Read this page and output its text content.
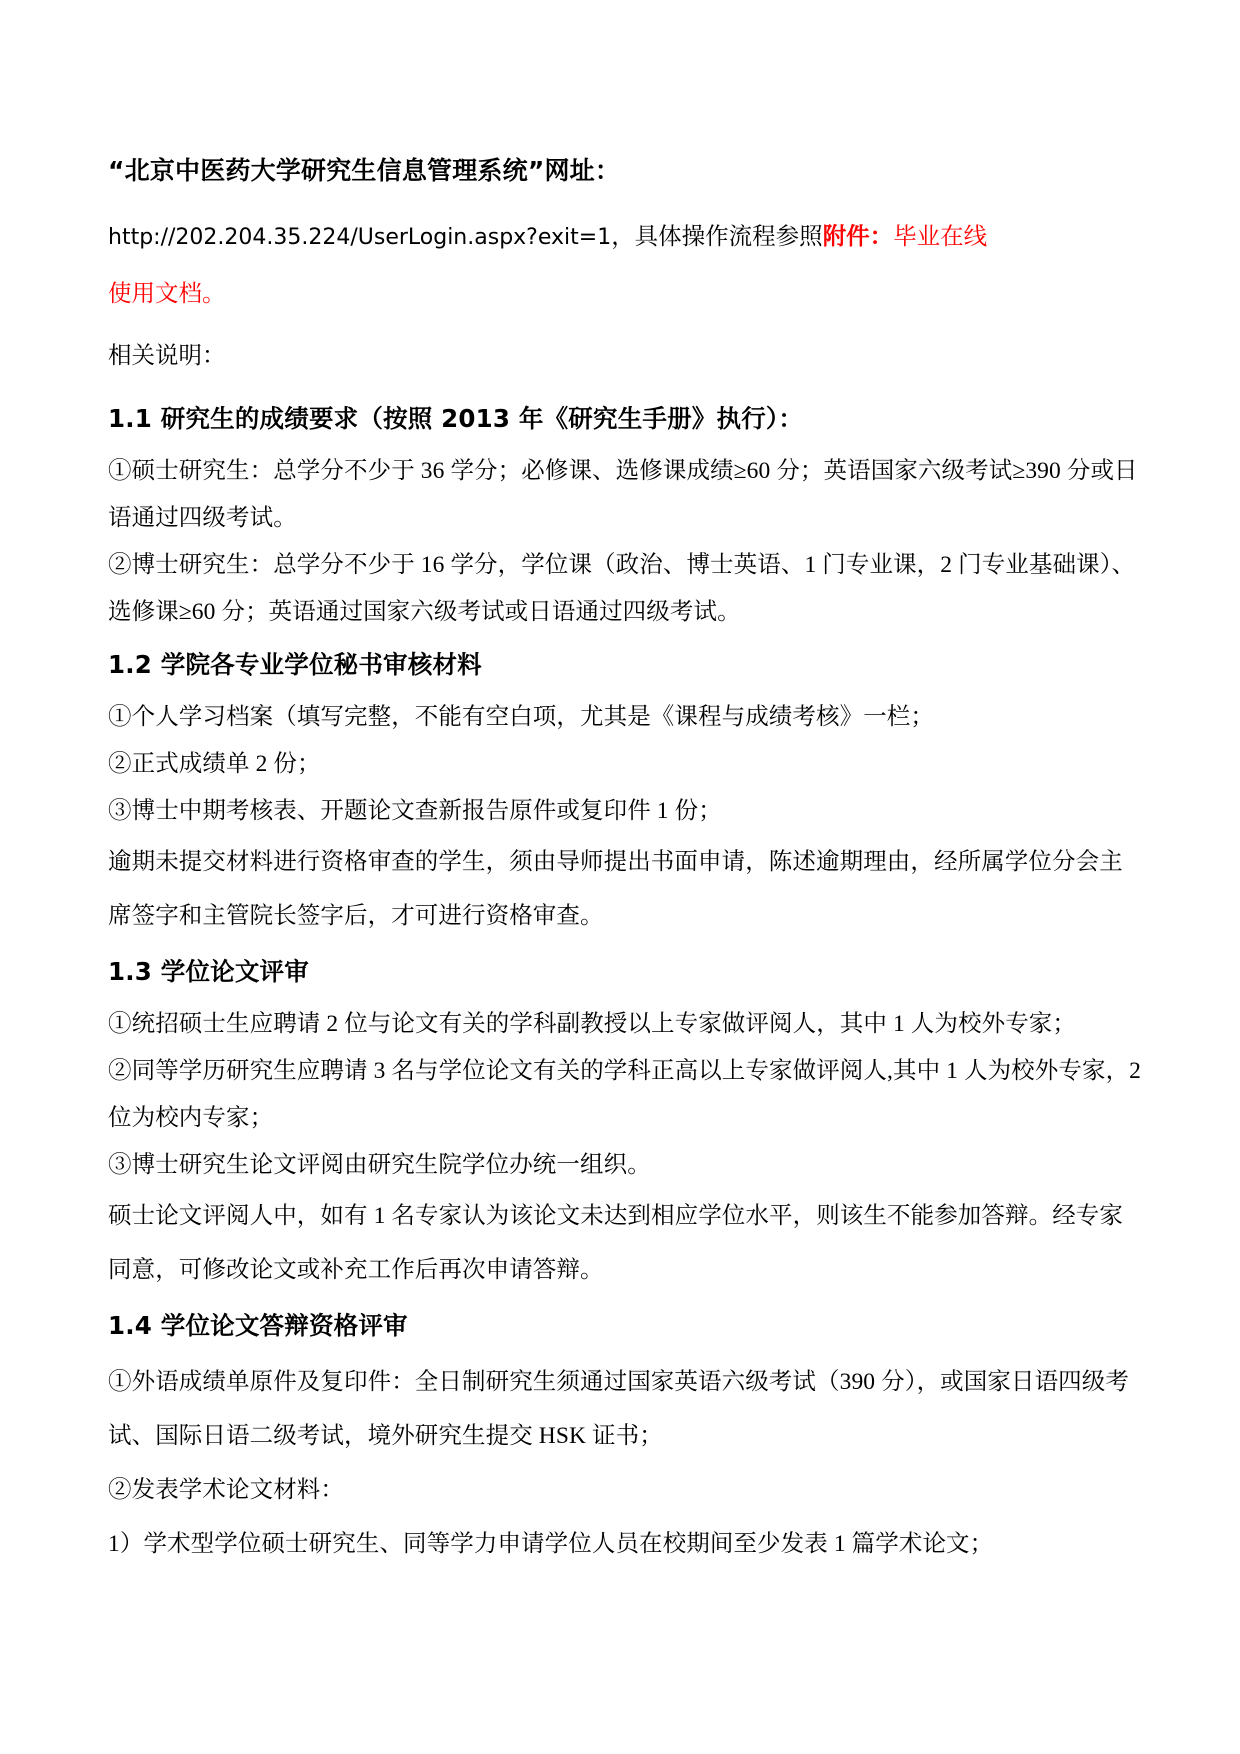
“北京中医药大学研究生信息管理系统”网址：

http://202.204.35.224/UserLogin.aspx?exit=1，具体操作流程参照附件：毕业在线

使用文档。

相关说明：

1.1 研究生的成绩要求（按照 2013 年《研究生手册》执行）：

①硕士研究生：总学分不少于 36 学分；必修课、选修课成绩≥60 分；英语国家六级考试≥390 分或日语通过四级考试。

②博士研究生：总学分不少于 16 学分，学位课（政治、博士英语、1 门专业课，2 门专业基础课）、选修课≥60 分；英语通过国家六级考试或日语通过四级考试。

1.2 学院各专业学位秘书审核材料

①个人学习档案（填写完整，不能有空白项，尤其是《课程与成绩考核》一栏；

②正式成绩单 2 份；

③博士中期考核表、开题论文查新报告原件或复印件 1 份；

逾期未提交材料进行资格审查的学生，须由导师提出书面申请，陈述逾期理由，经所属学位分会主席签字和主管院长签字后，才可进行资格审查。

1.3 学位论文评审

①统招硕士生应聘请 2 位与论文有关的学科副教授以上专家做评阅人，其中 1 人为校外专家；

②同等学历研究生应聘请 3 名与学位论文有关的学科正高以上专家做评阅人,其中 1 人为校外专家，2 位为校内专家；

③博士研究生论文评阅由研究生院学位办统一组织。

硕士论文评阅人中，如有 1 名专家认为该论文未达到相应学位水平，则该生不能参加答辩。经专家同意，可修改论文或补充工作后再次申请答辩。

1.4 学位论文答辩资格评审

①外语成绩单原件及复印件：全日制研究生须通过国家英语六级考试（390 分），或国家日语四级考试、国际日语二级考试，境外研究生提交 HSK 证书；

②发表学术论文材料：

1）学术型学位硕士研究生、同等学力申请学位人员在校期间至少发表 1 篇学术论文；
